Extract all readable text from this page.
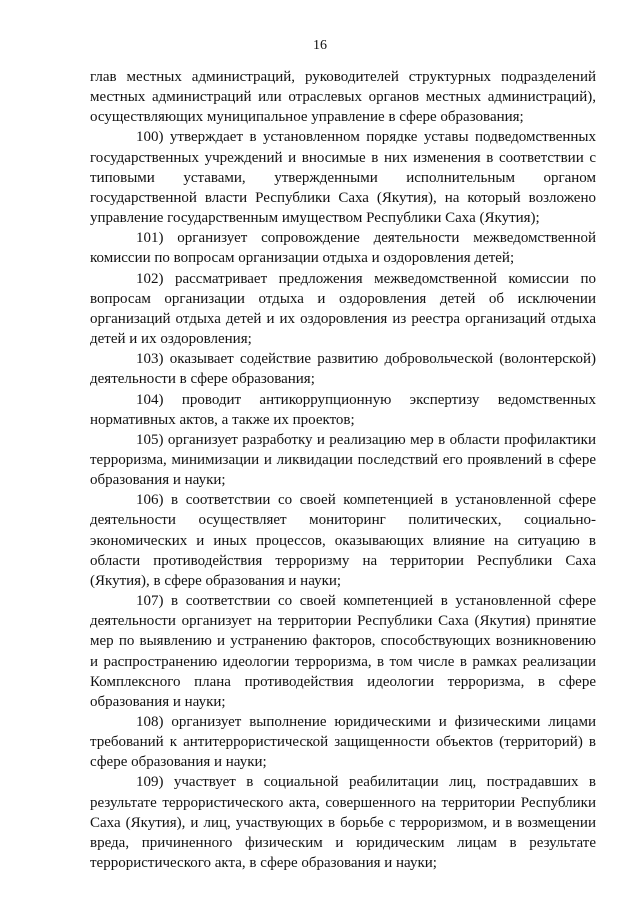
16

глав местных администраций, руководителей структурных подразделений местных администраций или отраслевых органов местных администраций), осуществляющих муниципальное управление в сфере образования;

100) утверждает в установленном порядке уставы подведомственных государственных учреждений и вносимые в них изменения в соответствии с типовыми уставами, утвержденными исполнительным органом государственной власти Республики Саха (Якутия), на который возложено управление государственным имуществом Республики Саха (Якутия);

101) организует сопровождение деятельности межведомственной комиссии по вопросам организации отдыха и оздоровления детей;

102) рассматривает предложения межведомственной комиссии по вопросам организации отдыха и оздоровления детей об исключении организаций отдыха детей и их оздоровления из реестра организаций отдыха детей и их оздоровления;

103) оказывает содействие развитию добровольческой (волонтерской) деятельности в сфере образования;

104) проводит антикоррупционную экспертизу ведомственных нормативных актов, а также их проектов;

105) организует разработку и реализацию мер в области профилактики терроризма, минимизации и ликвидации последствий его проявлений в сфере образования и науки;

106) в соответствии со своей компетенцией в установленной сфере деятельности осуществляет мониторинг политических, социально-экономических и иных процессов, оказывающих влияние на ситуацию в области противодействия терроризму на территории Республики Саха (Якутия), в сфере образования и науки;

107) в соответствии со своей компетенцией в установленной сфере деятельности организует на территории Республики Саха (Якутия) принятие мер по выявлению и устранению факторов, способствующих возникновению и распространению идеологии терроризма, в том числе в рамках реализации Комплексного плана противодействия идеологии терроризма, в сфере образования и науки;

108) организует выполнение юридическими и физическими лицами требований к антитеррористической защищенности объектов (территорий) в сфере образования и науки;

109) участвует в социальной реабилитации лиц, пострадавших в результате террористического акта, совершенного на территории Республики Саха (Якутия), и лиц, участвующих в борьбе с терроризмом, и в возмещении вреда, причиненного физическим и юридическим лицам в результате террористического акта, в сфере образования и науки;
